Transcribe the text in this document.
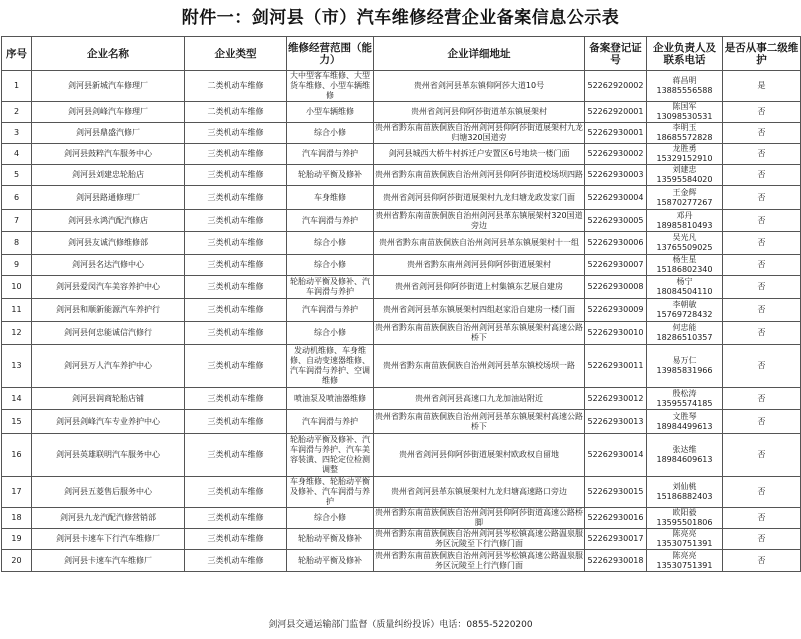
附件一：剑河县（市）汽车维修经营企业备案信息公示表
序号	企业名称	企业类型	维修经营范围（能力）	企业详细地址	备案登记证号	企业负责人及联系电话	是否从事二级维护
1	剑河县新城汽车修理厂	二类机动车维修	大中型客车维修、大型货车维修、小型车辆维修	贵州省剑河县革东镇仰阿莎大道10号	52262920002	蒋昌明
13885556588	是
2	剑河县剑峰汽车修理厂	二类机动车维修	小型车辆维修	贵州省剑河县仰阿莎街道革东镇展架村	52262920001	陈国军
13098530531	否
3	剑河县鼎盛汽修厂	三类机动车维修	综合小修	贵州省黔东南苗族侗族自治州剑河县仰阿莎街道展架村九龙归塘320国道旁	52262930001	李明玉
18685572828	否
4	剑河县鼓粹汽车服务中心	三类机动车维修	汽车润滑与养护	剑河县城西大桥牛村拆迁户安置区6号地块一楼门面	52262930002	龙胜勇
15329152910	否
5	剑河县刘建忠轮胎店	三类机动车维修	轮胎动平衡及修补	贵州省黔东南苗族侗族自治州剑河县仰阿莎街道校场坝四路	52262930003	刘建忠
13595584020	否
6	剑河县路通修理厂	三类机动车维修	车身维修	贵州省剑河县仰阿莎街道展架村九龙归塘龙政发家门面	52262930004	王金辉
15870277267	否
7	剑河县永鸿汽配汽修店	三类机动车维修	汽车润滑与养护	贵州省黔东南苗族侗族自治州剑河县革东镇展架村320国道旁边	52262930005	邓丹
18985810493	否
8	剑河县友诚汽修维修部	三类机动车维修	综合小修	贵州省黔东南苗族侗族自治州剑河县革东镇展架村十一组	52262930006	吴光凡
13765509025	否
9	剑河县名达汽修中心	三类机动车维修	综合小修	贵州省黔东南州剑河县仰阿莎街道展架村	52262930007	杨生星
15186802340	否
10	剑河县爱闵汽车美容养护中心	三类机动车维修	轮胎动平衡及修补、汽车润滑与养护	贵州省剑河县仰阿莎街道上村集镇东艺展自建房	52262930008	杨宁
18084504110	否
11	剑河县和顺新能源汽车养护行	三类机动车维修	汽车润滑与养护	贵州省剑河县革东镇展架村四组赵家沿自建房一楼门面	52262930009	李朝敏
15769728432	否
12	剑河县何忠能诚信汽修行	三类机动车维修	综合小修	贵州省黔东南苗族侗族自治州剑河县革东镇展架村高速公路桥下	52262930010	何忠能
18286510357	否
13	剑河县万人汽车养护中心	三类机动车维修	发动机维修、车身维修、自动变速器维修、汽车润滑与养护、空调维修	贵州省黔东南苗族侗族自治州剑河县革东镇校场坝一路	52262930011	易万仁
13985831966	否
14	剑河县润商轮胎店铺	三类机动车维修	喷油泵及喷油器维修	贵州省剑河县高速口九龙加油站附近	52262930012	殷松涛
13595574185	否
15	剑河县剑峰汽车专业养护中心	三类机动车维修	汽车润滑与养护	贵州省黔东南苗族侗族自治州剑河县革东镇展架村高速公路桥下	52262930013	文胜琴
18984499613	否
16	剑河县英雄联明汽车服务中心	三类机动车维修	轮胎动平衡及修补、汽车润滑与养护、汽车美容装潢、四轮定位检测调整	贵州省剑河县仰阿莎街道展架村欧政权自留地	52262930014	张达维
18984609613	否
17	剑河县五菱售后服务中心	三类机动车维修	车身维修、轮胎动平衡及修补、汽车润滑与养护	贵州省剑河县革东镇展架村九龙归塘高速路口旁边	52262930015	刘仙桃
15186882403	否
18	剑河县九龙汽配汽修营销部	三类机动车维修	综合小修	贵州省黔东南苗族侗族自治州剑河县仰阿莎街道高速公路桥脚	52262930016	欧阳毅
13595501806	否
19	剑河县卡速车下行汽车维修厂	三类机动车维修	轮胎动平衡及修补	贵州省黔东南苗族侗族自治州剑河县岑松镇高速公路温泉服务区沅陵至下行汽修门面	52262930017	陈亮亮
13530751391	否
20	剑河县卡速车汽车维修厂	三类机动车维修	轮胎动平衡及修补	贵州省黔东南苗族侗族自治州剑河县岑松镇高速公路温泉服务区沅陵至上行汽修门面	52262930018	陈亮亮
13530751391	否
剑河县交通运输部门监督（质量纠纷投诉）电话：0855-5220200
